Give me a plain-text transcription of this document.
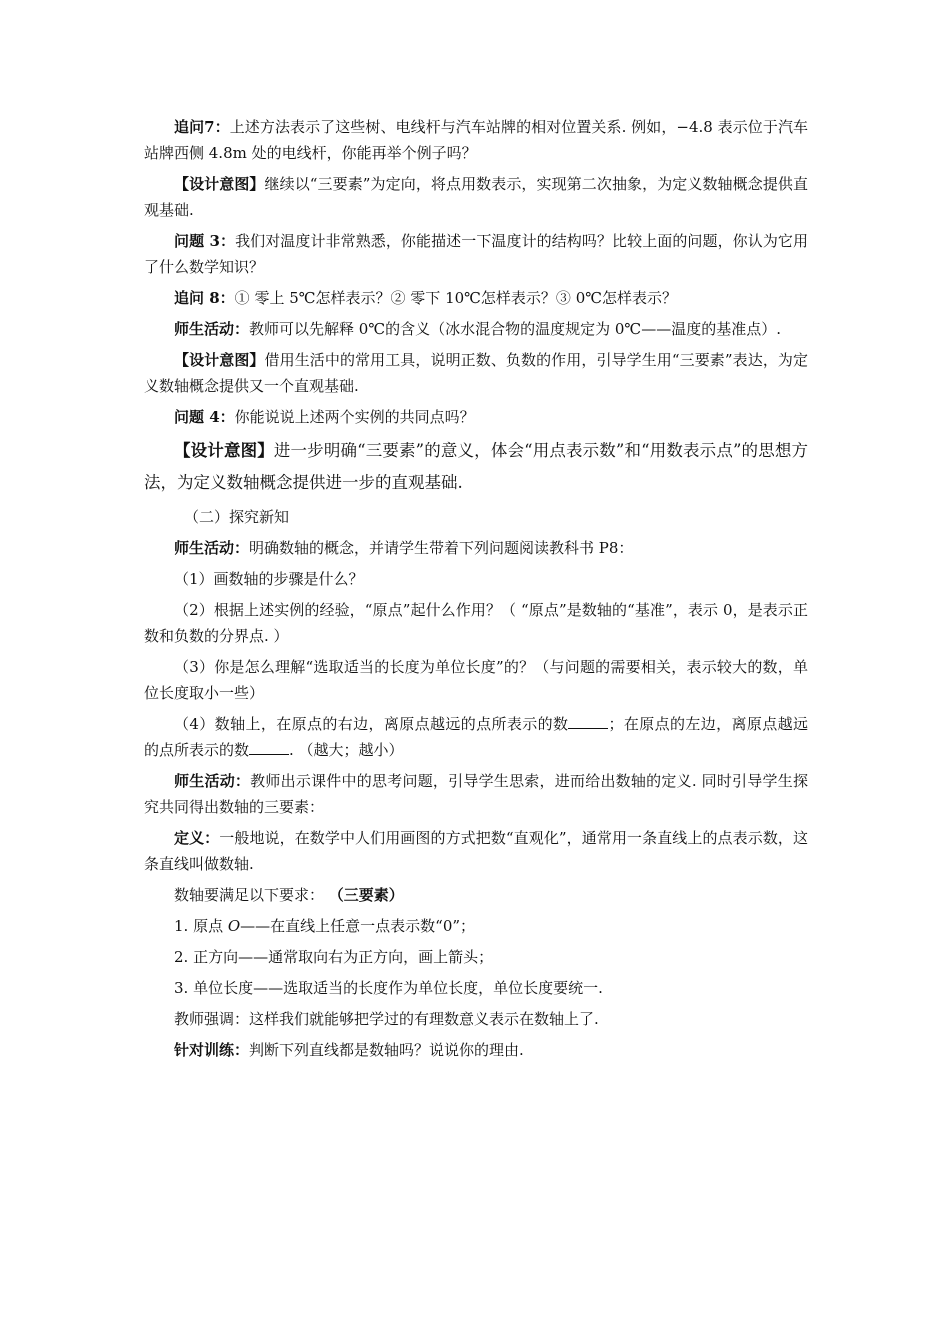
追问7：上述方法表示了这些树、电线杆与汽车站牌的相对位置关系. 例如，−4.8 表示位于汽车站牌西侧 4.8m 处的电线杆，你能再举个例子吗？

【设计意图】继续以“三要素”为定向，将点用数表示，实现第二次抽象，为定义数轴概念提供直观基础.

问题 3：我们对温度计非常熟悉，你能描述一下温度计的结构吗？比较上面的问题，你认为它用了什么数学知识？

追问 8：① 零上 5℃怎样表示？② 零下 10℃怎样表示？③ 0℃怎样表示？

师生活动：教师可以先解释 0℃的含义（冰水混合物的温度规定为 0℃——温度的基准点）.

【设计意图】借用生活中的常用工具，说明正数、负数的作用，引导学生用“三要素”表达，为定义数轴概念提供又一个直观基础.

问题 4：你能说说上述两个实例的共同点吗？

【设计意图】进一步明确“三要素”的意义，体会“用点表示数”和“用数表示点”的思想方法，为定义数轴概念提供进一步的直观基础.

（二）探究新知

师生活动：明确数轴的概念，并请学生带着下列问题阅读教科书 P8：

（1）画数轴的步骤是什么？

（2）根据上述实例的经验，“原点”起什么作用？（ “原点”是数轴的“基准”，表示 0，是表示正数和负数的分界点. ）

（3）你是怎么理解“选取适当的长度为单位长度”的？（与问题的需要相关，表示较大的数，单位长度取小一些）

（4）数轴上，在原点的右边，离原点越远的点所表示的数	；在原点的左边，离原点越远的点所表示的数	. （越大；越小）

师生活动：教师出示课件中的思考问题，引导学生思索，进而给出数轴的定义. 同时引导学生探究共同得出数轴的三要素：

定义：一般地说，在数学中人们用画图的方式把数“直观化”，通常用一条直线上的点表示数，这条直线叫做数轴.

数轴要满足以下要求： （三要素）

1. 原点 O——在直线上任意一点表示数“0”；

2. 正方向——通常取向右为正方向，画上箭头；

3. 单位长度——选取适当的长度作为单位长度，单位长度要统一.

教师强调：这样我们就能够把学过的有理数意义表示在数轴上了.

针对训练：判断下列直线都是数轴吗？说说你的理由.
